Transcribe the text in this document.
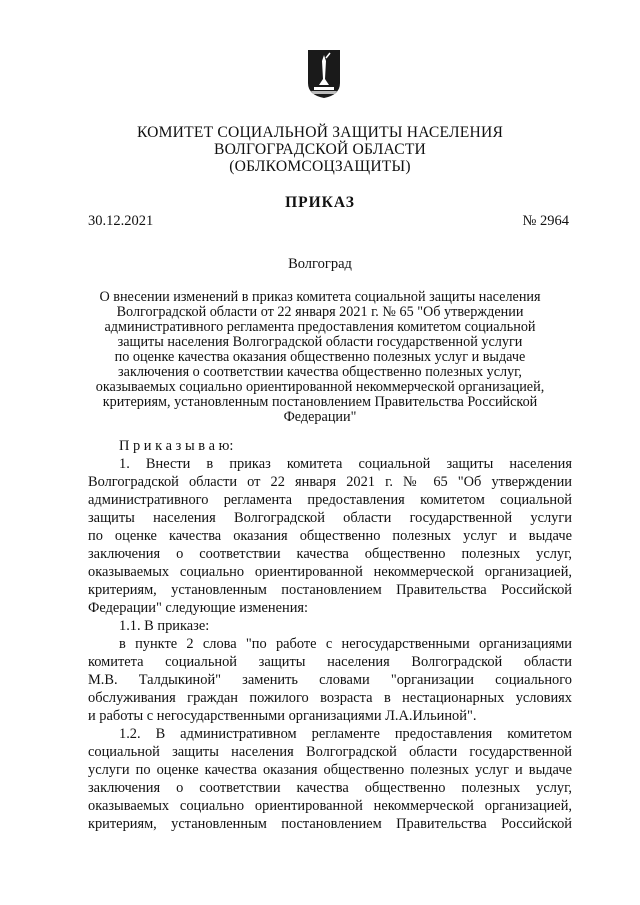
КОМИТЕТ СОЦИАЛЬНОЙ ЗАЩИТЫ НАСЕЛЕНИЯ
ВОЛГОГРАДСКОЙ ОБЛАСТИ
(ОБЛКОМСОЦЗАЩИТЫ)
ПРИКАЗ
30.12.2021	№ 2964
Волгоград
О внесении изменений в приказ комитета социальной защиты населения
Волгоградской области от 22 января 2021 г. № 65 "Об утверждении
административного регламента предоставления комитетом социальной
защиты населения Волгоградской области государственной услуги
по оценке качества оказания общественно полезных услуг и выдаче
заключения о соответствии качества общественно полезных услуг,
оказываемых социально ориентированной некоммерческой организацией,
критериям, установленным постановлением Правительства Российской
Федерации"
П р и к а з ы в а ю:
1. Внести в приказ комитета социальной защиты населения
Волгоградской области от 22 января 2021 г. № 65 "Об утверждении
административного регламента предоставления комитетом социальной
защиты населения Волгоградской области государственной услуги
по оценке качества оказания общественно полезных услуг и выдаче
заключения о соответствии качества общественно полезных услуг,
оказываемых социально ориентированной некоммерческой организацией,
критериям, установленным постановлением Правительства Российской
Федерации" следующие изменения:
1.1. В приказе:
в пункте 2 слова "по работе с негосударственными организациями
комитета социальной защиты населения Волгоградской области
М.В. Талдыкиной" заменить словами "организации социального
обслуживания граждан пожилого возраста в нестационарных условиях
и работы с негосударственными организациями Л.А.Ильиной".
1.2. В административном регламенте предоставления комитетом
социальной защиты населения Волгоградской области государственной
услуги по оценке качества оказания общественно полезных услуг и выдаче
заключения о соответствии качества общественно полезных услуг,
оказываемых социально ориентированной некоммерческой организацией,
критериям, установленным постановлением Правительства Российской
